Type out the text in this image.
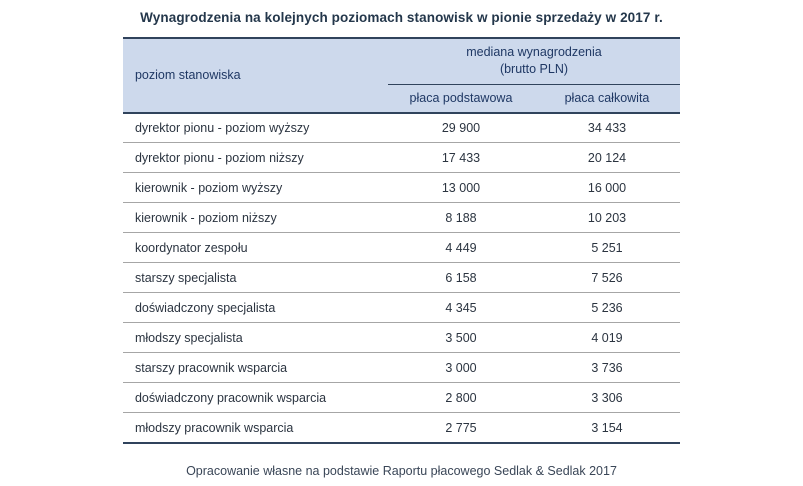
Wynagrodzenia na kolejnych poziomach stanowisk w pionie sprzedaży w 2017 r.
poziom stanowiska	mediana wynagrodzenia
(brutto PLN)	
	płaca podstawowa	płaca całkowita
dyrektor pionu - poziom wyższy	29 900	34 433
dyrektor pionu - poziom niższy	17 433	20 124
kierownik - poziom wyższy	13 000	16 000
kierownik - poziom niższy	8 188	10 203
koordynator zespołu	4 449	5 251
starszy specjalista	6 158	7 526
doświadczony specjalista	4 345	5 236
młodszy specjalista	3 500	4 019
starszy pracownik wsparcia	3 000	3 736
doświadczony pracownik wsparcia	2 800	3 306
młodszy pracownik wsparcia	2 775	3 154
Opracowanie własne na podstawie Raportu płacowego Sedlak & Sedlak 2017
